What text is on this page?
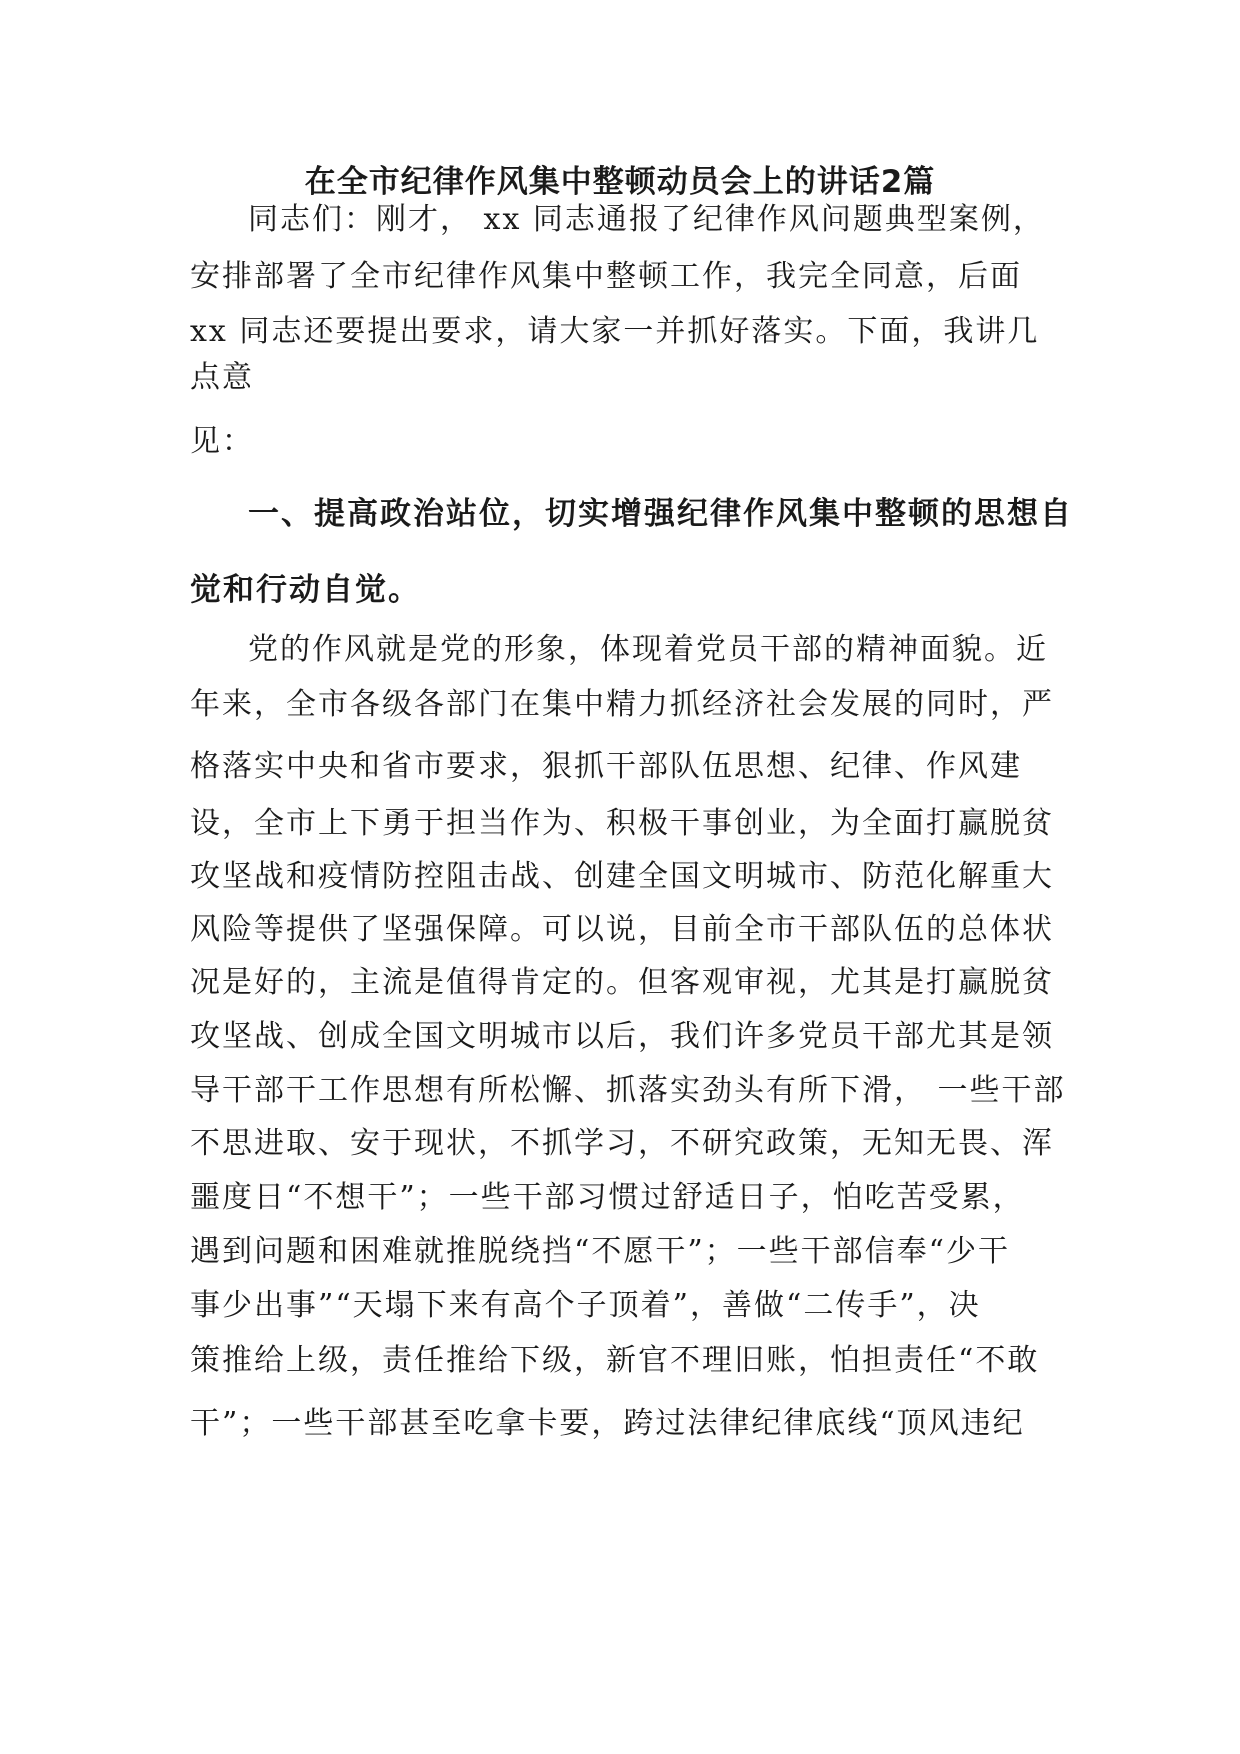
在全市纪律作风集中整顿动员会上的讲话2篇
同志们：刚才， xx 同志通报了纪律作风问题典型案例，
安排部署了全市纪律作风集中整顿工作，我完全同意，后面
xx 同志还要提出要求，请大家一并抓好落实。下面，我讲几
点意
见：
一、提高政治站位，切实增强纪律作风集中整顿的思想自
觉和行动自觉。
党的作风就是党的形象，体现着党员干部的精神面貌。近
年来，全市各级各部门在集中精力抓经济社会发展的同时，严
格落实中央和省市要求，狠抓干部队伍思想、纪律、作风建
设，全市上下勇于担当作为、积极干事创业，为全面打赢脱贫
攻坚战和疫情防控阻击战、创建全国文明城市、防范化解重大
风险等提供了坚强保障。可以说，目前全市干部队伍的总体状
况是好的，主流是值得肯定的。但客观审视，尤其是打赢脱贫
攻坚战、创成全国文明城市以后，我们许多党员干部尤其是领
导干部干工作思想有所松懈、抓落实劲头有所下滑， 一些干部
不思进取、安于现状，不抓学习，不研究政策，无知无畏、浑
噩度日“不想干”；一些干部习惯过舒适日子，怕吃苦受累，
遇到问题和困难就推脱绕挡“不愿干”；一些干部信奉“少干
事少出事”“天塌下来有高个子顶着”，善做“二传手”，决
策推给上级，责任推给下级，新官不理旧账，怕担责任“不敢
干”；一些干部甚至吃拿卡要，跨过法律纪律底线“顶风违纪
